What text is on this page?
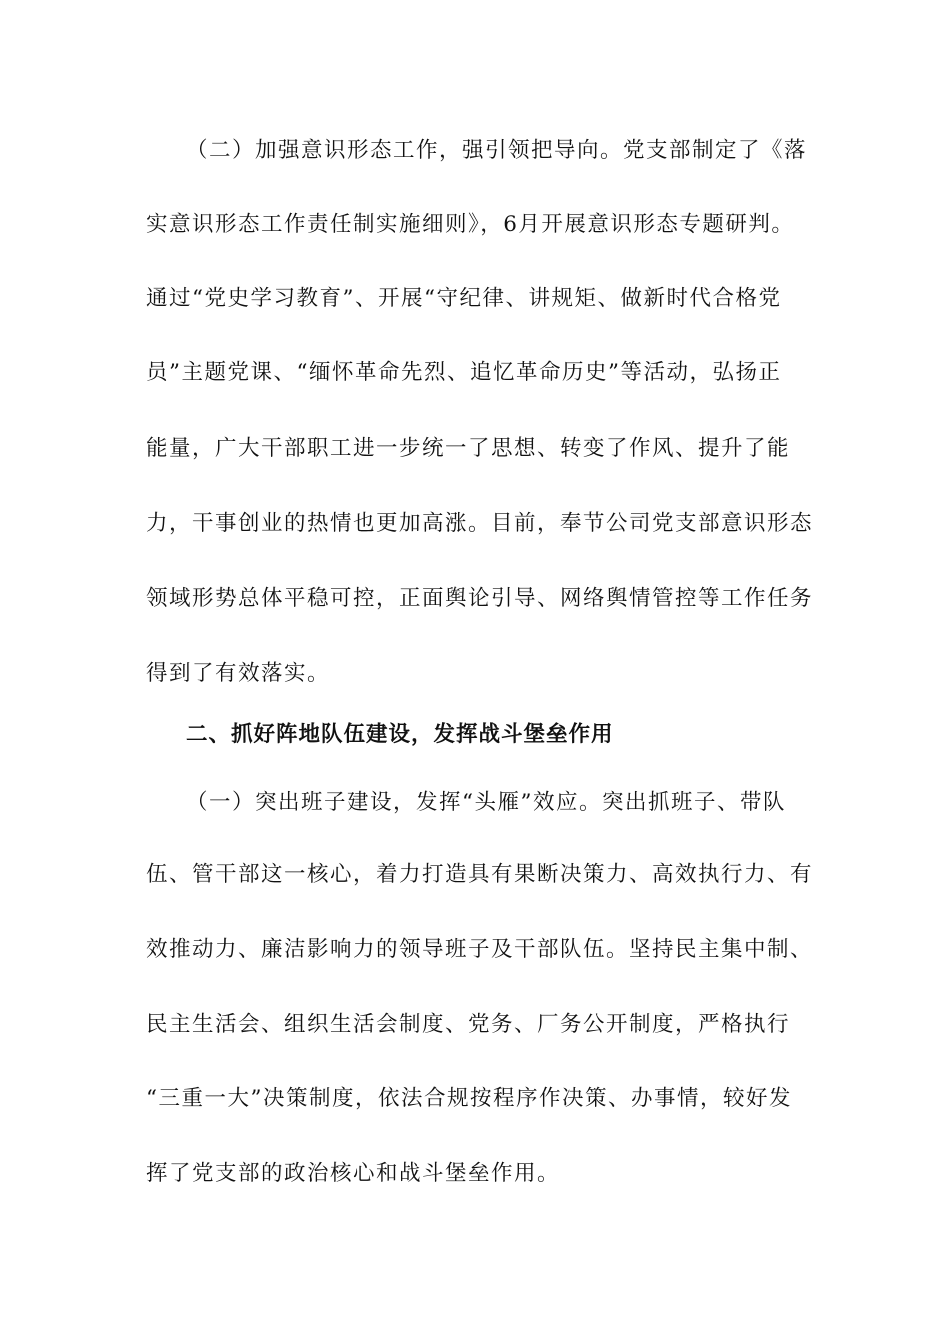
（二）加强意识形态工作，强引领把导向。党支部制定了《落
实意识形态工作责任制实施细则》，6月开展意识形态专题研判。
通过“党史学习教育”、开展“守纪律、讲规矩、做新时代合格党
员”主题党课、“缅怀革命先烈、追忆革命历史”等活动，弘扬正
能量，广大干部职工进一步统一了思想、转变了作风、提升了能
力，干事创业的热情也更加高涨。目前，奉节公司党支部意识形态
领域形势总体平稳可控，正面舆论引导、网络舆情管控等工作任务
得到了有效落实。
二、抓好阵地队伍建设，发挥战斗堡垒作用
（一）突出班子建设，发挥“头雁”效应。突出抓班子、带队
伍、管干部这一核心，着力打造具有果断决策力、高效执行力、有
效推动力、廉洁影响力的领导班子及干部队伍。坚持民主集中制、
民主生活会、组织生活会制度、党务、厂务公开制度，严格执行
“三重一大”决策制度，依法合规按程序作决策、办事情，较好发
挥了党支部的政治核心和战斗堡垒作用。
